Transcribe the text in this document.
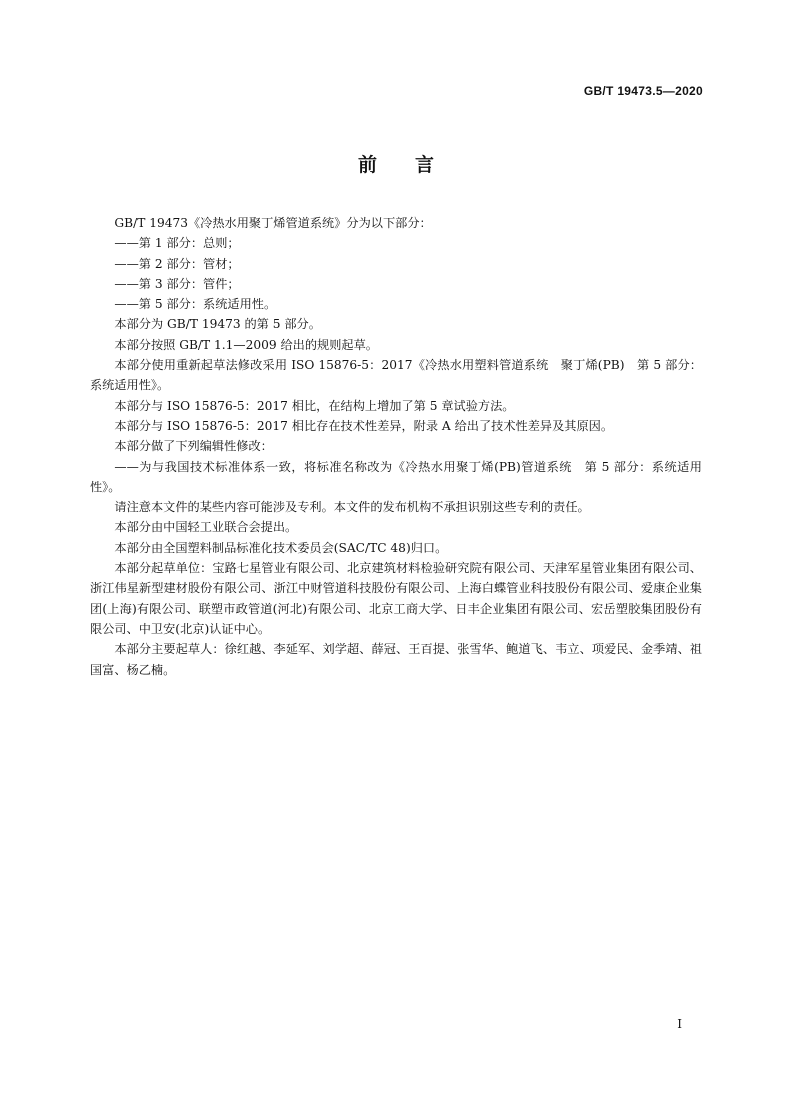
GB/T 19473.5—2020
前　　言

GB/T 19473《冷热水用聚丁烯管道系统》分为以下部分：

——第 1 部分：总则；

——第 2 部分：管材；

——第 3 部分：管件；

——第 5 部分：系统适用性。

本部分为 GB/T 19473 的第 5 部分。

本部分按照 GB/T 1.1—2009 给出的规则起草。

本部分使用重新起草法修改采用 ISO 15876-5：2017《冷热水用塑料管道系统　聚丁烯(PB)　第 5 部分：系统适用性》。

本部分与 ISO 15876-5：2017 相比，在结构上增加了第 5 章试验方法。

本部分与 ISO 15876-5：2017 相比存在技术性差异，附录 A 给出了技术性差异及其原因。

本部分做了下列编辑性修改：

——为与我国技术标准体系一致，将标准名称改为《冷热水用聚丁烯(PB)管道系统　第 5 部分：系统适用性》。

请注意本文件的某些内容可能涉及专利。本文件的发布机构不承担识别这些专利的责任。

本部分由中国轻工业联合会提出。

本部分由全国塑料制品标准化技术委员会(SAC/TC 48)归口。

本部分起草单位：宝路七星管业有限公司、北京建筑材料检验研究院有限公司、天津军星管业集团有限公司、浙江伟星新型建材股份有限公司、浙江中财管道科技股份有限公司、上海白蝶管业科技股份有限公司、爱康企业集团(上海)有限公司、联塑市政管道(河北)有限公司、北京工商大学、日丰企业集团有限公司、宏岳塑胶集团股份有限公司、中卫安(北京)认证中心。

本部分主要起草人：徐红越、李延军、刘学超、薛冠、王百提、张雪华、鲍道飞、韦立、项爱民、金季靖、祖国富、杨乙楠。

I
